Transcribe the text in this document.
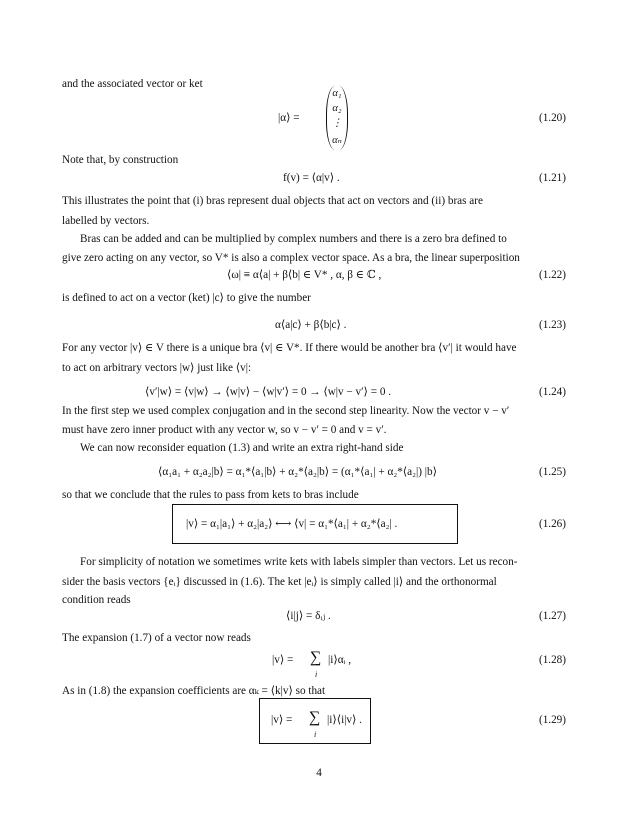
and the associated vector or ket
|α⟩ =
α₁
α₂
⋮
αₙ
(1.20)
Note that, by construction
f(v) = ⟨α|v⟩ .	(1.21)
This illustrates the point that (i) bras represent dual objects that act on vectors and (ii) bras are
labelled by vectors.
Bras can be added and can be multiplied by complex numbers and there is a zero bra defined to
give zero acting on any vector, so V* is also a complex vector space. As a bra, the linear superposition
⟨ω| ≡ α⟨a| + β⟨b| ∈ V* , α, β ∈ ℂ ,	(1.22)
is defined to act on a vector (ket) |c⟩ to give the number
α⟨a|c⟩ + β⟨b|c⟩ .	(1.23)
For any vector |v⟩ ∈ V there is a unique bra ⟨v| ∈ V*. If there would be another bra ⟨v′| it would have
to act on arbitrary vectors |w⟩ just like ⟨v|:
⟨v′|w⟩ = ⟨v|w⟩ → ⟨w|v⟩ − ⟨w|v′⟩ = 0 → ⟨w|v − v′⟩ = 0 .	(1.24)
In the first step we used complex conjugation and in the second step linearity. Now the vector v − v′
must have zero inner product with any vector w, so v − v′ = 0 and v = v′.
We can now reconsider equation (1.3) and write an extra right-hand side
⟨α₁a₁ + α₂a₂|b⟩ = α₁*⟨a₁|b⟩ + α₂*⟨a₂|b⟩ = (α₁*⟨a₁| + α₂*⟨a₂|) |b⟩	(1.25)
so that we conclude that the rules to pass from kets to bras include
|v⟩ = α₁|a₁⟩ + α₂|a₂⟩ ⟷ ⟨v| = α₁*⟨a₁| + α₂*⟨a₂| .	(1.26)
For simplicity of notation we sometimes write kets with labels simpler than vectors. Let us recon-
sider the basis vectors {eᵢ} discussed in (1.6). The ket |eᵢ⟩ is simply called |i⟩ and the orthonormal
condition reads
⟨i|j⟩ = δᵢⱼ .	(1.27)
The expansion (1.7) of a vector now reads
|v⟩ = ∑
i
|i⟩αᵢ ,	(1.28)
As in (1.8) the expansion coefficients are αₖ = ⟨k|v⟩ so that
|v⟩ = ∑
i
|i⟩⟨i|v⟩ .	(1.29)
4
